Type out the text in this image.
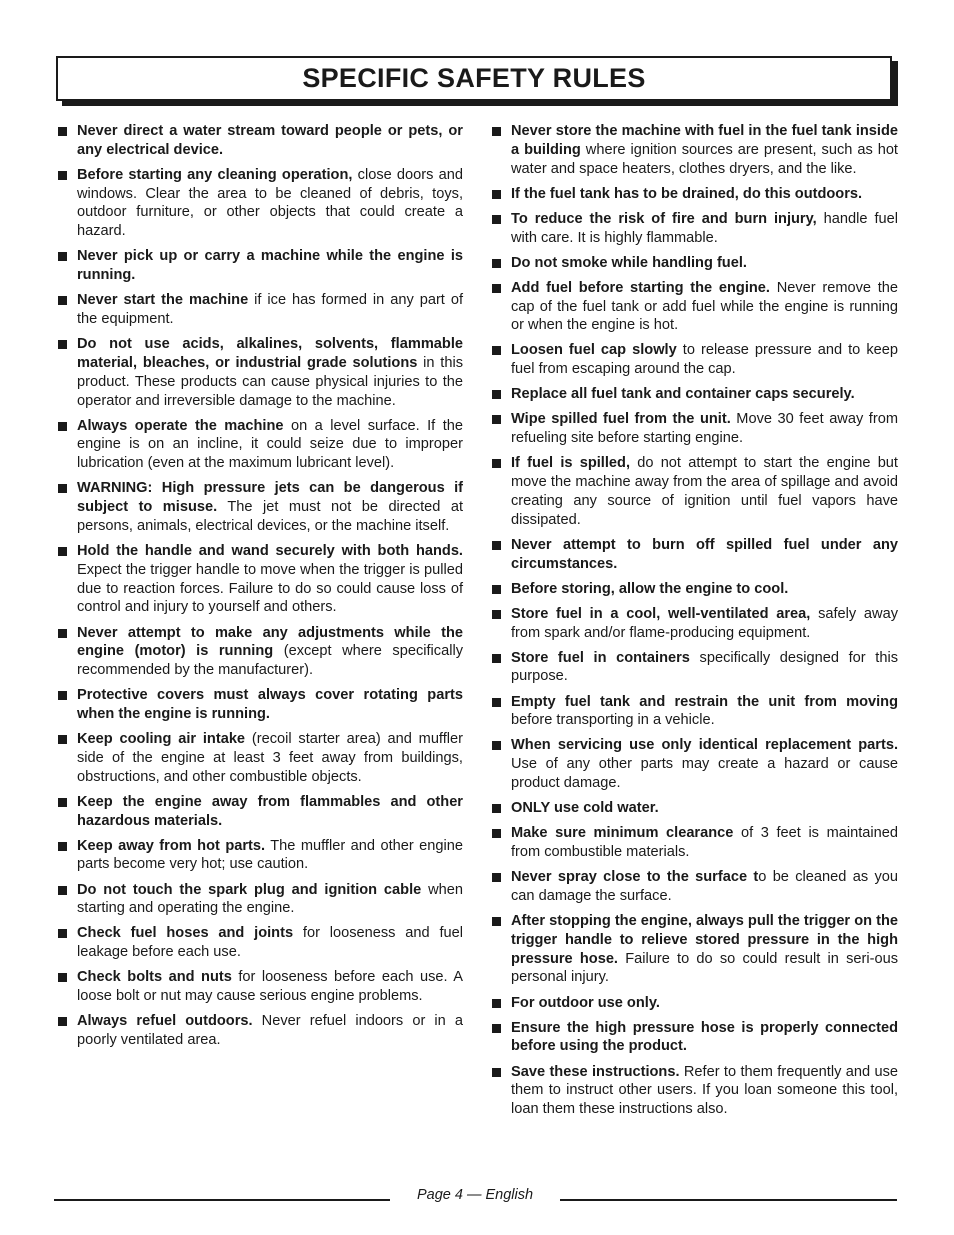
SPECIFIC SAFETY RULES
Never direct a water stream toward people or pets, or any electrical device.
Before starting any cleaning operation, close doors and windows. Clear the area to be cleaned of debris, toys, outdoor furniture, or other objects that could create a hazard.
Never pick up or carry a machine while the engine is running.
Never start the machine if ice has formed in any part of the equipment.
Do not use acids, alkalines, solvents, flammable material, bleaches, or industrial grade solutions in this product. These products can cause physical injuries to the operator and irreversible damage to the machine.
Always operate the machine on a level surface. If the engine is on an incline, it could seize due to improper lubrication (even at the maximum lubricant level).
WARNING: High pressure jets can be dangerous if subject to misuse. The jet must not be directed at persons, animals, electrical devices, or the machine itself.
Hold the handle and wand securely with both hands. Expect the trigger handle to move when the trigger is pulled due to reaction forces. Failure to do so could cause loss of control and injury to yourself and others.
Never attempt to make any adjustments while the engine (motor) is running (except where specifically recommended by the manufacturer).
Protective covers must always cover rotating parts when the engine is running.
Keep cooling air intake (recoil starter area) and muffler side of the engine at least 3 feet away from buildings, obstructions, and other combustible objects.
Keep the engine away from flammables and other hazardous materials.
Keep away from hot parts. The muffler and other engine parts become very hot; use caution.
Do not touch the spark plug and ignition cable when starting and operating the engine.
Check fuel hoses and joints for looseness and fuel leakage before each use.
Check bolts and nuts for looseness before each use. A loose bolt or nut may cause serious engine problems.
Always refuel outdoors. Never refuel indoors or in a poorly ventilated area.
Never store the machine with fuel in the fuel tank inside a building where ignition sources are present, such as hot water and space heaters, clothes dryers, and the like.
If the fuel tank has to be drained, do this outdoors.
To reduce the risk of fire and burn injury, handle fuel with care. It is highly flammable.
Do not smoke while handling fuel.
Add fuel before starting the engine. Never remove the cap of the fuel tank or add fuel while the engine is running or when the engine is hot.
Loosen fuel cap slowly to release pressure and to keep fuel from escaping around the cap.
Replace all fuel tank and container caps securely.
Wipe spilled fuel from the unit. Move 30 feet away from refueling site before starting engine.
If fuel is spilled, do not attempt to start the engine but move the machine away from the area of spillage and avoid creating any source of ignition until fuel vapors have dissipated.
Never attempt to burn off spilled fuel under any circumstances.
Before storing, allow the engine to cool.
Store fuel in a cool, well-ventilated area, safely away from spark and/or flame-producing equipment.
Store fuel in containers specifically designed for this purpose.
Empty fuel tank and restrain the unit from moving before transporting in a vehicle.
When servicing use only identical replacement parts. Use of any other parts may create a hazard or cause product damage.
ONLY use cold water.
Make sure minimum clearance of 3 feet is maintained from combustible materials.
Never spray close to the surface to be cleaned as you can damage the surface.
After stopping the engine, always pull the trigger on the trigger handle to relieve stored pressure in the high pressure hose. Failure to do so could result in seri-ous personal injury.
For outdoor use only.
Ensure the high pressure hose is properly connected before using the product.
Save these instructions. Refer to them frequently and use them to instruct other users. If you loan someone this tool, loan them these instructions also.
Page 4 — English
